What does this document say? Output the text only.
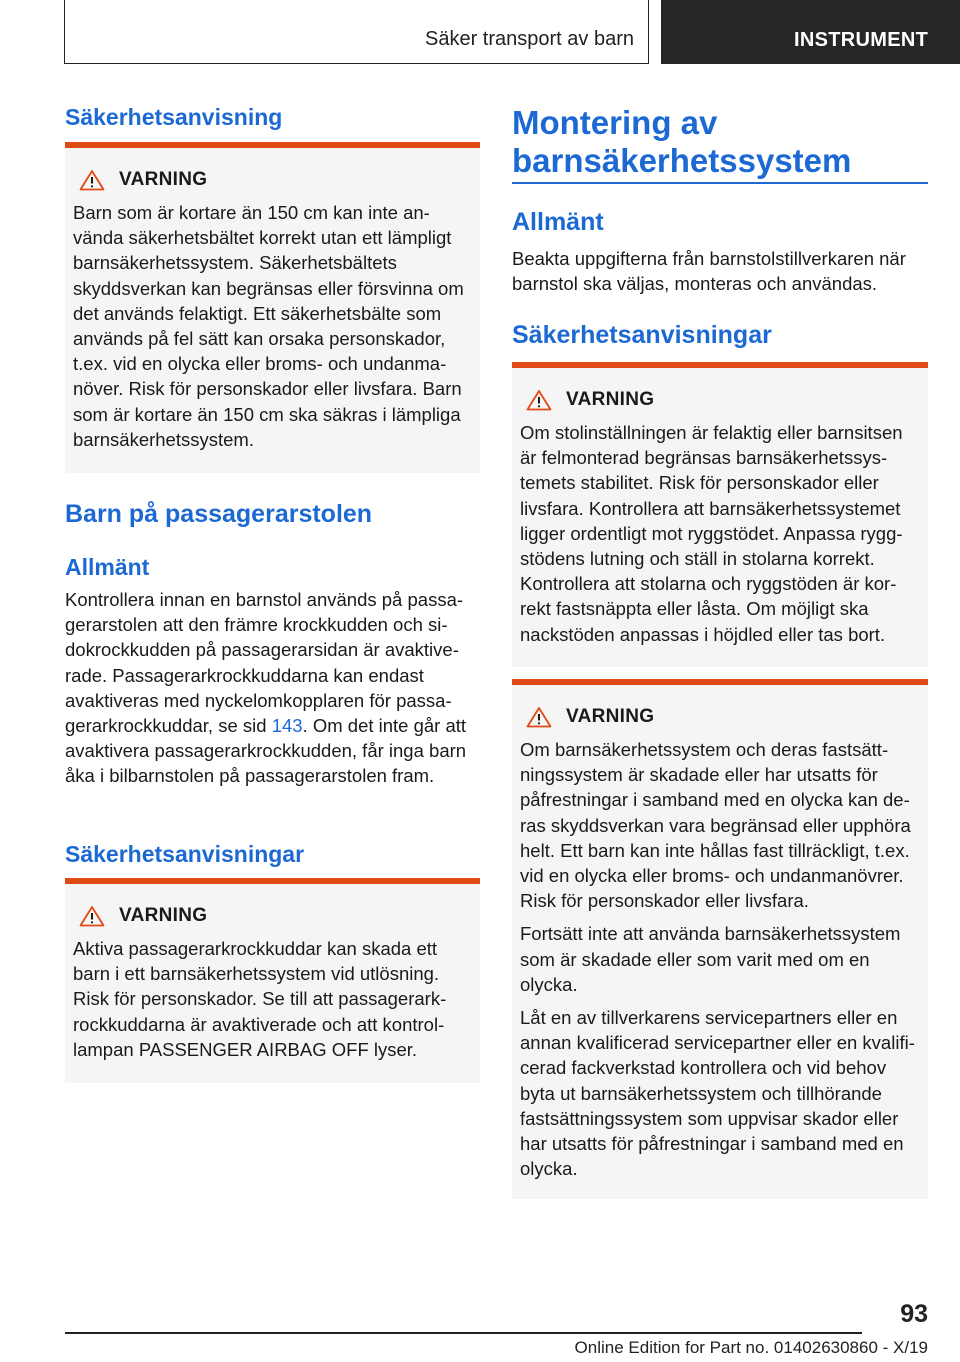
Säker transport av barn	INSTRUMENT
Säkerhetsanvisning
VARNING

Barn som är kortare än 150 cm kan inte använda säkerhetsbältet korrekt utan ett lämpligt barnsäkerhetssystem. Säkerhetsbältets skyddsverkan kan begränsas eller försvinna om det används felaktigt. Ett säkerhetsbälte som används på fel sätt kan orsaka personskador, t.ex. vid en olycka eller broms- och undanmanöver. Risk för personskador eller livsfara. Barn som är kortare än 150 cm ska säkras i lämpliga barnsäkerhetssystem.

Barn på passagerarstolen
Allmänt
Kontrollera innan en barnstol används på passagerarstolen att den främre krockkudden och sidokrockkudden på passagerarsidan är avaktiverade. Passagerarkrockkuddarna kan endast avaktiveras med nyckelomkopplaren för passagerarkrockkuddar, se sid 143. Om det inte går att avaktivera passagerarkrockkudden, får inga barn åka i bilbarnstolen på passagerarstolen fram.
Säkerhetsanvisningar
VARNING

Aktiva passagerarkrockkuddar kan skada ett barn i ett barnsäkerhetssystem vid utlösning. Risk för personskador. Se till att passagerarkrockkuddarna är avaktiverade och att kontrollampan PASSENGER AIRBAG OFF lyser.

Montering av barnsäkerhetssystem
Allmänt
Beakta uppgifterna från barnstolstillverkaren när barnstol ska väljas, monteras och användas.
Säkerhetsanvisningar
VARNING

Om stolinställningen är felaktig eller barnsitsen är felmonterad begränsas barnsäkerhetssystemets stabilitet. Risk för personskador eller livsfara. Kontrollera att barnsäkerhetssystemet ligger ordentligt mot ryggstödet. Anpassa ryggstödens lutning och ställ in stolarna korrekt. Kontrollera att stolarna och ryggstöden är korrekt fastsnäppta eller låsta. Om möjligt ska nackstöden anpassas i höjdled eller tas bort.

VARNING

Om barnsäkerhetssystem och deras fastsättningssystem är skadade eller har utsatts för påfrestningar i samband med en olycka kan deras skyddsverkan vara begränsad eller upphöra helt. Ett barn kan inte hållas fast tillräckligt, t.ex. vid en olycka eller broms- och undanmanövrer. Risk för personskador eller livsfara.

Fortsätt inte att använda barnsäkerhetssystem som är skadade eller som varit med om en olycka.

Låt en av tillverkarens servicepartners eller en annan kvalificerad servicepartner eller en kvalificerad fackverkstad kontrollera och vid behov byta ut barnsäkerhetssystem och tillhörande fastsättningssystem som uppvisar skador eller har utsatts för påfrestningar i samband med en olycka.

93
Online Edition for Part no. 01402630860 - X/19
